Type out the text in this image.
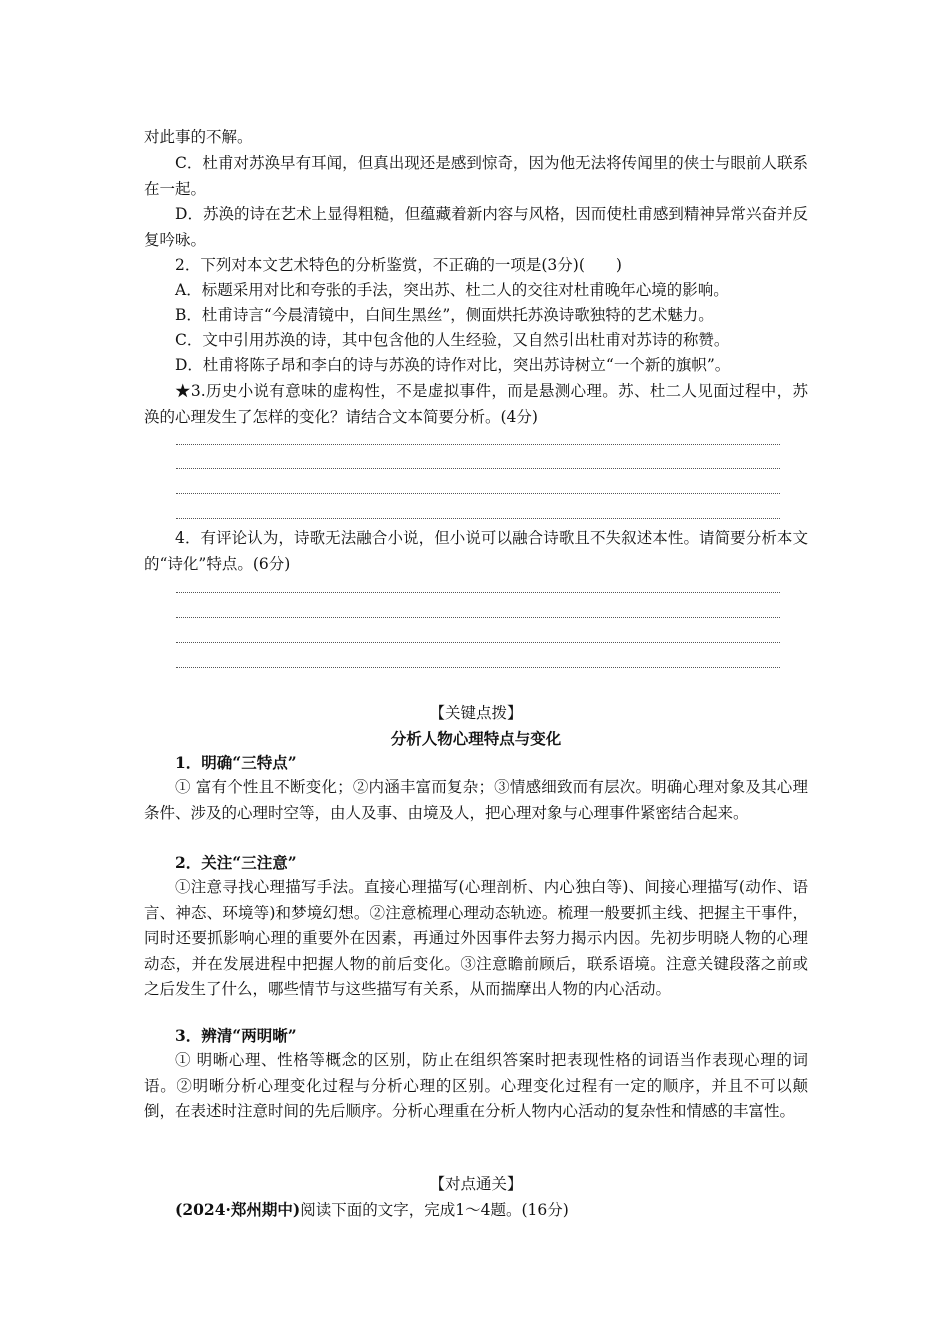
对此事的不解。

C．杜甫对苏涣早有耳闻，但真出现还是感到惊奇，因为他无法将传闻里的侠士与眼前人联系在一起。

D．苏涣的诗在艺术上显得粗糙，但蕴藏着新内容与风格，因而使杜甫感到精神异常兴奋并反复吟咏。

2．下列对本文艺术特色的分析鉴赏，不正确的一项是(3分)(　　)

A．标题采用对比和夸张的手法，突出苏、杜二人的交往对杜甫晚年心境的影响。

B．杜甫诗言“今晨清镜中，白间生黑丝”，侧面烘托苏涣诗歌独特的艺术魅力。

C．文中引用苏涣的诗，其中包含他的人生经验，又自然引出杜甫对苏诗的称赞。

D．杜甫将陈子昂和李白的诗与苏涣的诗作对比，突出苏诗树立“一个新的旗帜”。

★3.历史小说有意味的虚构性，不是虚拟事件，而是悬测心理。苏、杜二人见面过程中，苏涣的心理发生了怎样的变化？请结合文本简要分析。(4分)

4．有评论认为，诗歌无法融合小说，但小说可以融合诗歌且不失叙述本性。请简要分析本文的“诗化”特点。(6分)

【关键点拨】

分析人物心理特点与变化

1．明确“三特点”

① 富有个性且不断变化；②内涵丰富而复杂；③情感细致而有层次。明确心理对象及其心理条件、涉及的心理时空等，由人及事、由境及人，把心理对象与心理事件紧密结合起来。

2．关注“三注意”

①注意寻找心理描写手法。直接心理描写(心理剖析、内心独白等)、间接心理描写(动作、语言、神态、环境等)和梦境幻想。②注意梳理心理动态轨迹。梳理一般要抓主线、把握主干事件，同时还要抓影响心理的重要外在因素，再通过外因事件去努力揭示内因。先初步明晓人物的心理动态，并在发展进程中把握人物的前后变化。③注意瞻前顾后，联系语境。注意关键段落之前或之后发生了什么，哪些情节与这些描写有关系，从而揣摩出人物的内心活动。

3．辨清“两明晰”

① 明晰心理、性格等概念的区别，防止在组织答案时把表现性格的词语当作表现心理的词语。②明晰分析心理变化过程与分析心理的区别。心理变化过程有一定的顺序，并且不可以颠倒，在表述时注意时间的先后顺序。分析心理重在分析人物内心活动的复杂性和情感的丰富性。

【对点通关】

(2024·郑州期中)阅读下面的文字，完成1～4题。(16分)
